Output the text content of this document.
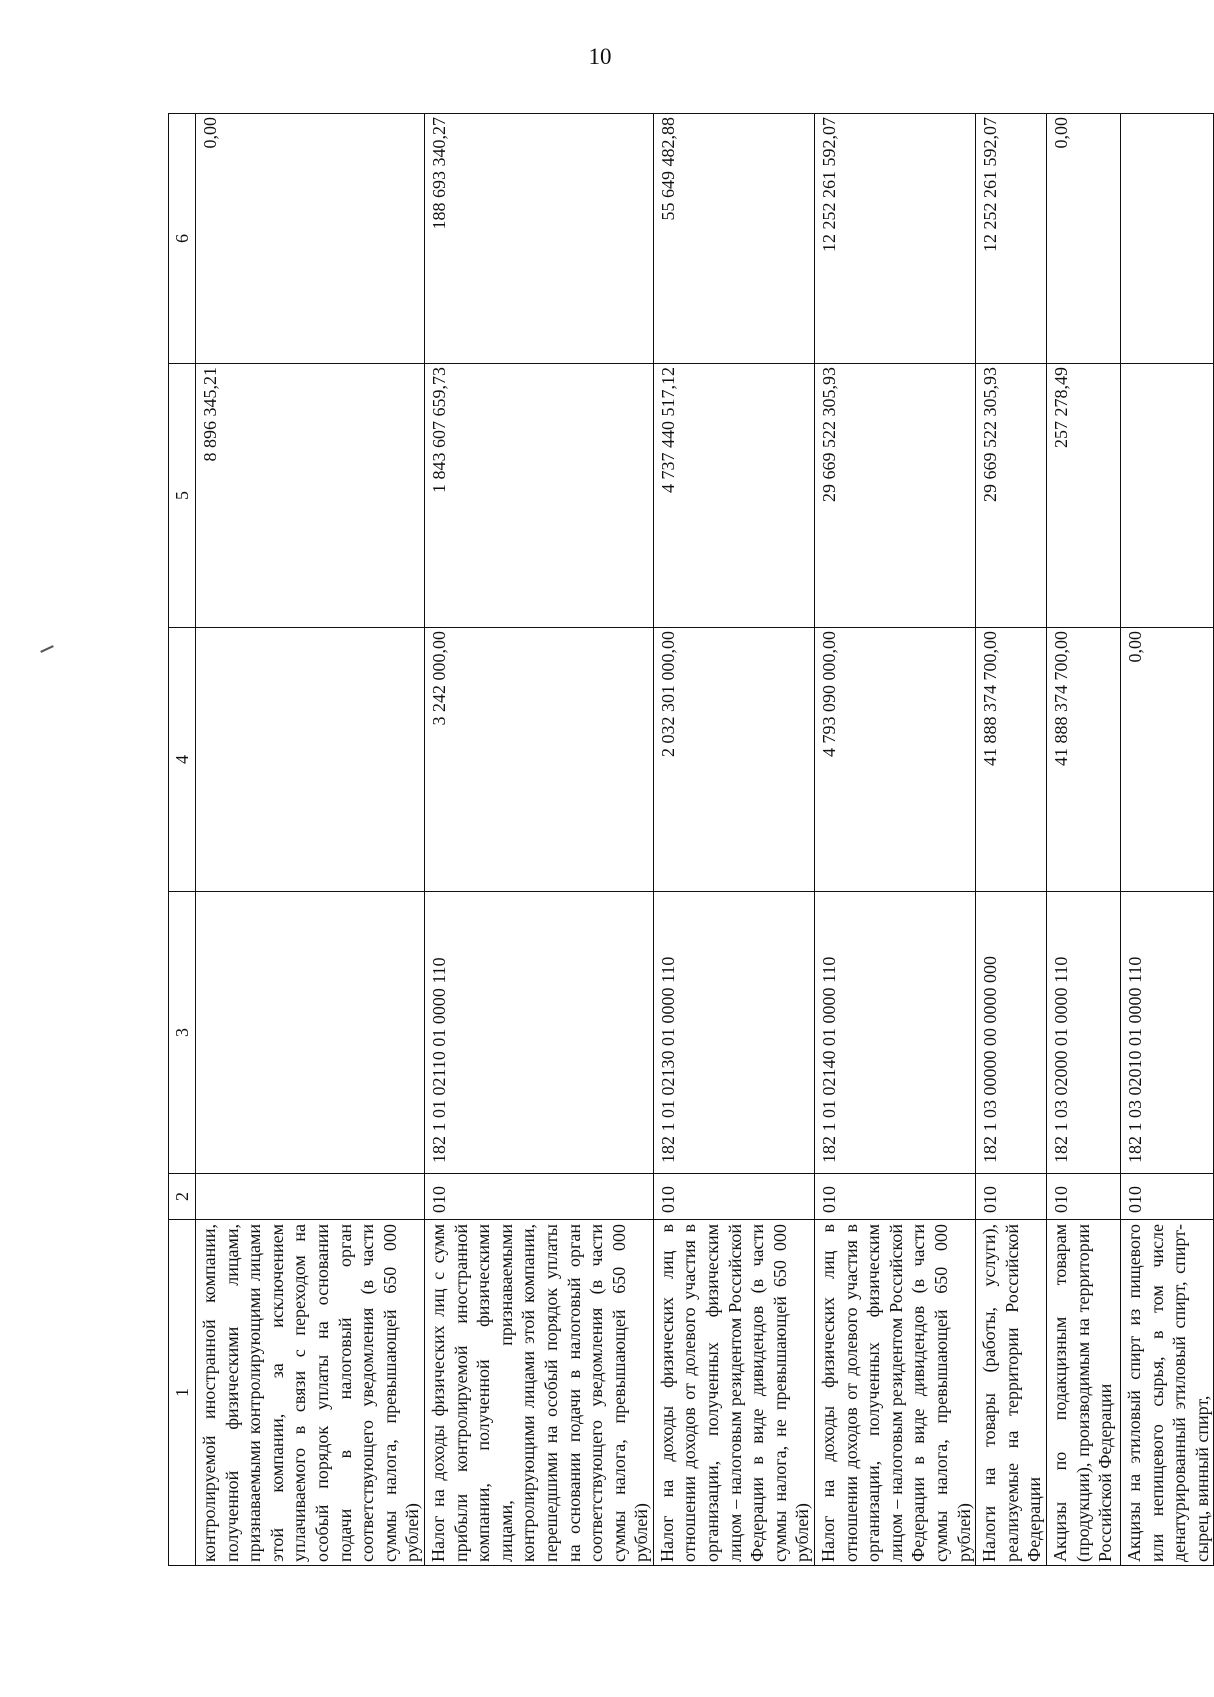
10
1	2	3	4	5	6
контролируемой иностранной компании, полученной физическими лицами, признаваемыми контролирующими лицами этой компании, за исключением уплачиваемого в связи с переходом на особый порядок уплаты на основании подачи в налоговый орган соответствующего уведомления (в части суммы налога, превышающей 650 000 рублей)				8 896 345,21	0,00
Налог на доходы физических лиц с сумм прибыли контролируемой иностранной компании, полученной физическими лицами, признаваемыми контролирующими лицами этой компании, перешедшими на особый порядок уплаты на основании подачи в налоговый орган соответствующего уведомления (в части суммы налога, превышающей 650 000 рублей)	010	182 1 01 02110 01 0000 110	3 242 000,00	1 843 607 659,73	188 693 340,27
Налог на доходы физических лиц в отношении доходов от долевого участия в организации, полученных физическим лицом – налоговым резидентом Российской Федерации в виде дивидендов (в части суммы налога, не превышающей 650 000 рублей)	010	182 1 01 02130 01 0000 110	2 032 301 000,00	4 737 440 517,12	55 649 482,88
Налог на доходы физических лиц в отношении доходов от долевого участия в организации, полученных физическим лицом – налоговым резидентом Российской Федерации в виде дивидендов (в части суммы налога, превышающей 650 000 рублей)	010	182 1 01 02140 01 0000 110	4 793 090 000,00	29 669 522 305,93	12 252 261 592,07
Налоги на товары (работы, услуги), реализуемые на территории Российской Федерации	010	182 1 03 00000 00 0000 000	41 888 374 700,00	29 669 522 305,93	12 252 261 592,07
Акцизы по подакцизным товарам (продукции), производимым на территории Российской Федерации	010	182 1 03 02000 01 0000 110	41 888 374 700,00	257 278,49	0,00
Акцизы на этиловый спирт из пищевого или непищевого сырья, в том числе денатурированный этиловый спирт, спирт-сырец, винный спирт,	010	182 1 03 02010 01 0000 110	0,00		
